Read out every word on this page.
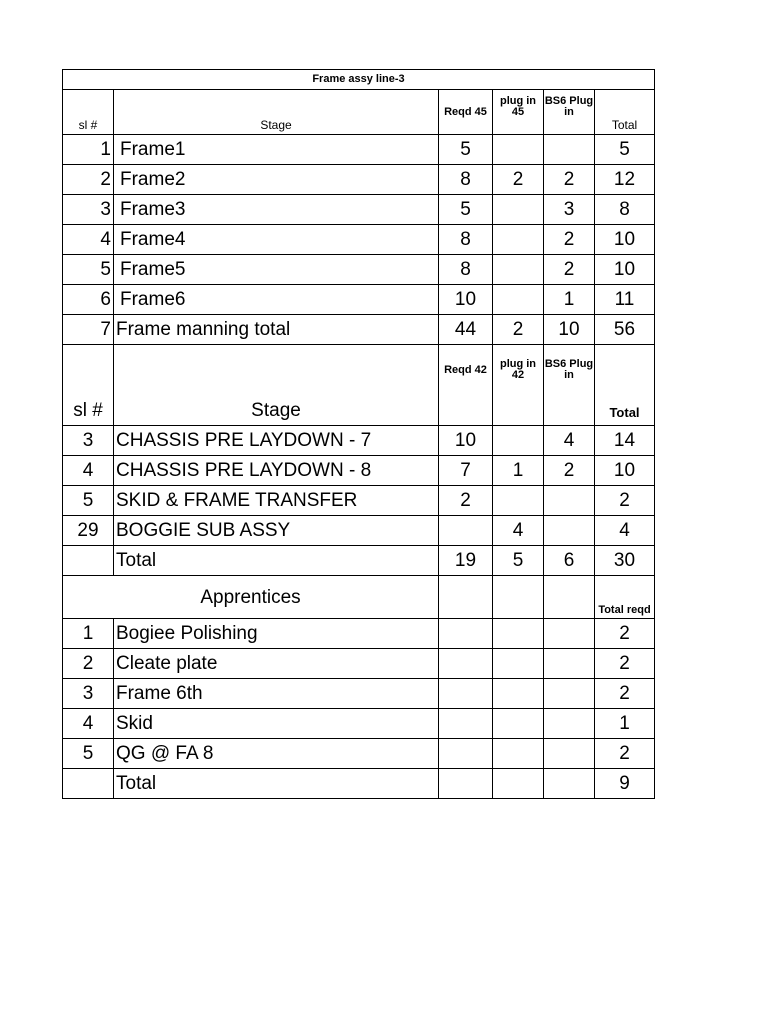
Frame assy line-3					
sl #	Stage	Reqd 45	plug in 45	BS6 Plug in	Total
1	Frame1	5			5
2	Frame2	8	2	2	12
3	Frame3	5		3	8
4	Frame4	8		2	10
5	Frame5	8		2	10
6	Frame6	10		1	11
7	Frame manning total	44	2	10	56
sl #	Stage	Reqd 42	plug in 42	BS6 Plug in	Total
3	CHASSIS PRE LAYDOWN - 7	10		4	14
4	CHASSIS PRE LAYDOWN - 8	7	1	2	10
5	SKID & FRAME TRANSFER	2			2
29	BOGGIE SUB ASSY		4		4
	Total	19	5	6	30
Apprentices					Total reqd
1	Bogiee Polishing				2
2	Cleate plate				2
3	Frame 6th				2
4	Skid				1
5	QG @ FA 8				2
	Total				9
